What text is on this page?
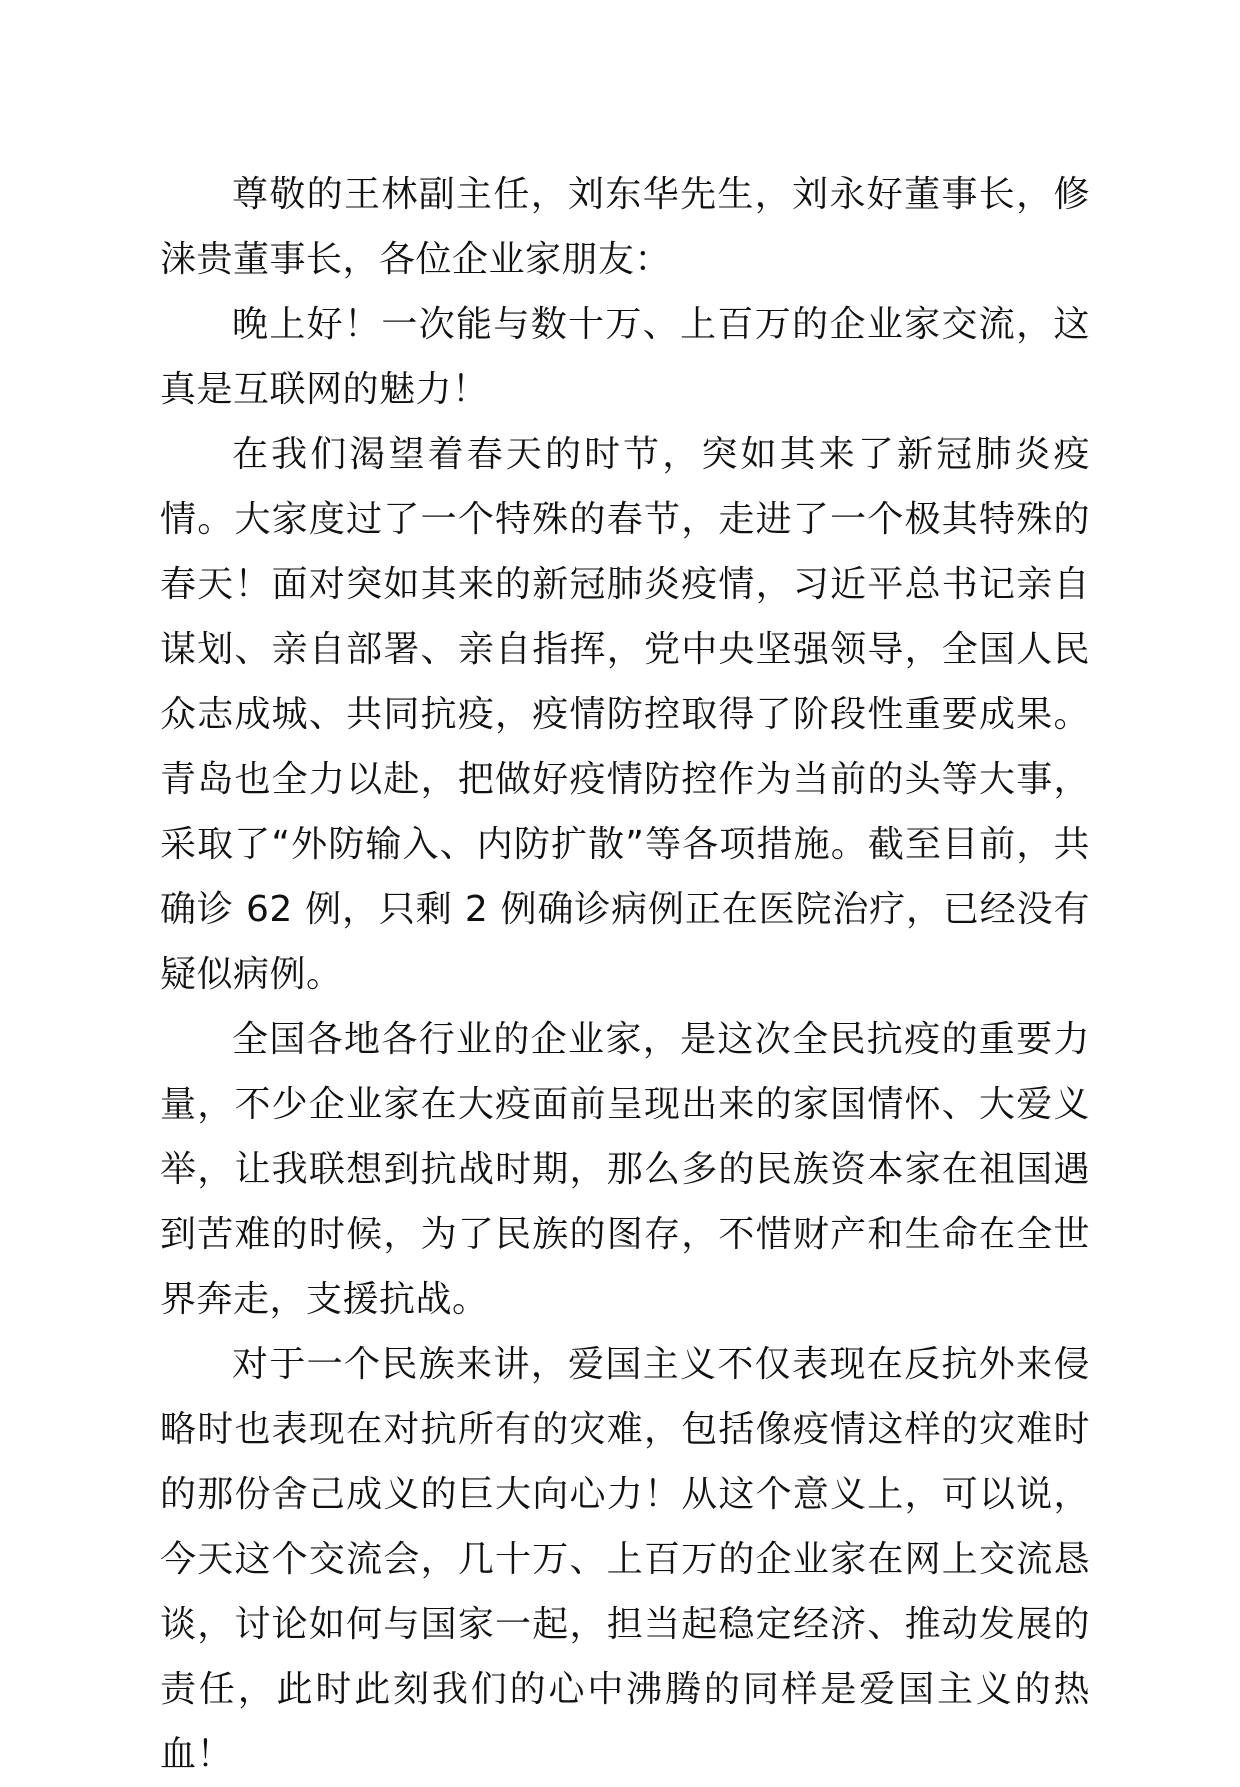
尊敬的王林副主任，刘东华先生，刘永好董事长，修涞贵董事长，各位企业家朋友：

晚上好！一次能与数十万、上百万的企业家交流，这真是互联网的魅力！

在我们渴望着春天的时节，突如其来了新冠肺炎疫情。大家度过了一个特殊的春节，走进了一个极其特殊的春天！面对突如其来的新冠肺炎疫情，习近平总书记亲自谋划、亲自部署、亲自指挥，党中央坚强领导，全国人民众志成城、共同抗疫，疫情防控取得了阶段性重要成果。青岛也全力以赴，把做好疫情防控作为当前的头等大事，采取了“外防输入、内防扩散”等各项措施。截至目前，共确诊 62 例，只剩 2 例确诊病例正在医院治疗，已经没有疑似病例。

全国各地各行业的企业家，是这次全民抗疫的重要力量，不少企业家在大疫面前呈现出来的家国情怀、大爱义举，让我联想到抗战时期，那么多的民族资本家在祖国遇到苦难的时候，为了民族的图存，不惜财产和生命在全世界奔走，支援抗战。

对于一个民族来讲，爱国主义不仅表现在反抗外来侵略时也表现在对抗所有的灾难，包括像疫情这样的灾难时的那份舍己成义的巨大向心力！从这个意义上，可以说，今天这个交流会，几十万、上百万的企业家在网上交流恳谈，讨论如何与国家一起，担当起稳定经济、推动发展的责任，此时此刻我们的心中沸腾的同样是爱国主义的热血！
